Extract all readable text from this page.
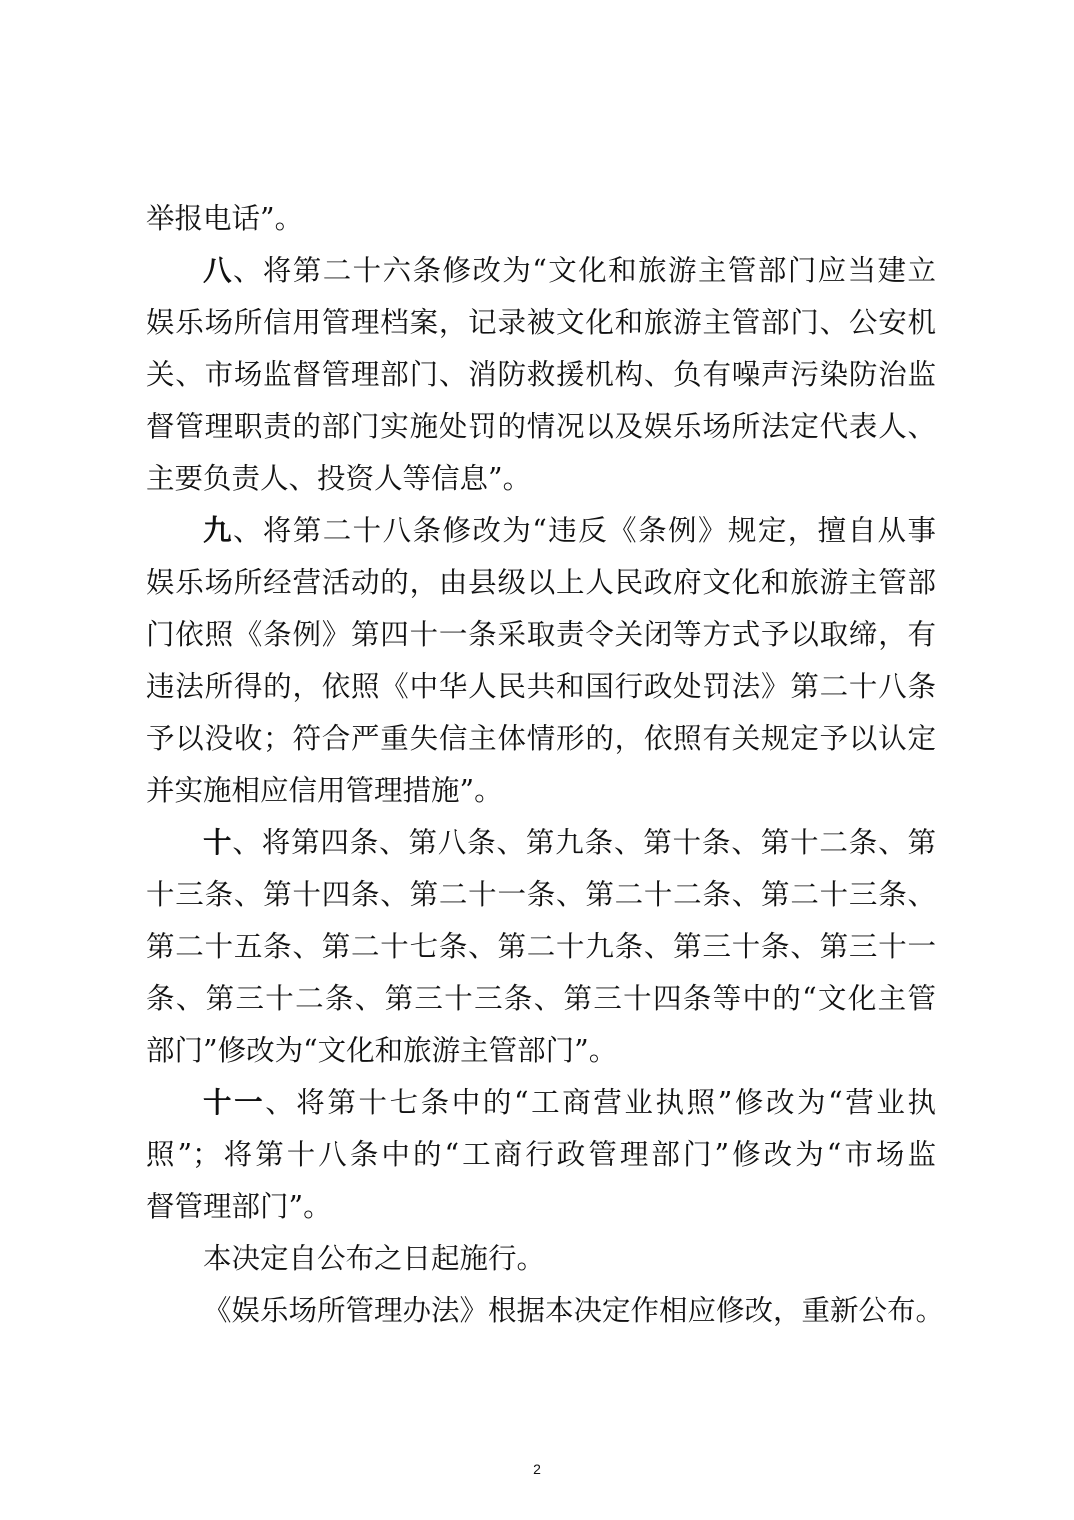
举报电话”。
八、将第二十六条修改为“文化和旅游主管部门应当建立
娱乐场所信用管理档案，记录被文化和旅游主管部门、公安机
关、市场监督管理部门、消防救援机构、负有噪声污染防治监
督管理职责的部门实施处罚的情况以及娱乐场所法定代表人、
主要负责人、投资人等信息”。
九、将第二十八条修改为“违反《条例》规定，擅自从事
娱乐场所经营活动的，由县级以上人民政府文化和旅游主管部
门依照《条例》第四十一条采取责令关闭等方式予以取缔，有
违法所得的，依照《中华人民共和国行政处罚法》第二十八条
予以没收；符合严重失信主体情形的，依照有关规定予以认定
并实施相应信用管理措施”。
十、将第四条、第八条、第九条、第十条、第十二条、第
十三条、第十四条、第二十一条、第二十二条、第二十三条、
第二十五条、第二十七条、第二十九条、第三十条、第三十一
条、第三十二条、第三十三条、第三十四条等中的“文化主管
部门”修改为“文化和旅游主管部门”。
十一、将第十七条中的“工商营业执照”修改为“营业执
照”；将第十八条中的“工商行政管理部门”修改为“市场监
督管理部门”。
本决定自公布之日起施行。
《娱乐场所管理办法》根据本决定作相应修改，重新公布。
2
